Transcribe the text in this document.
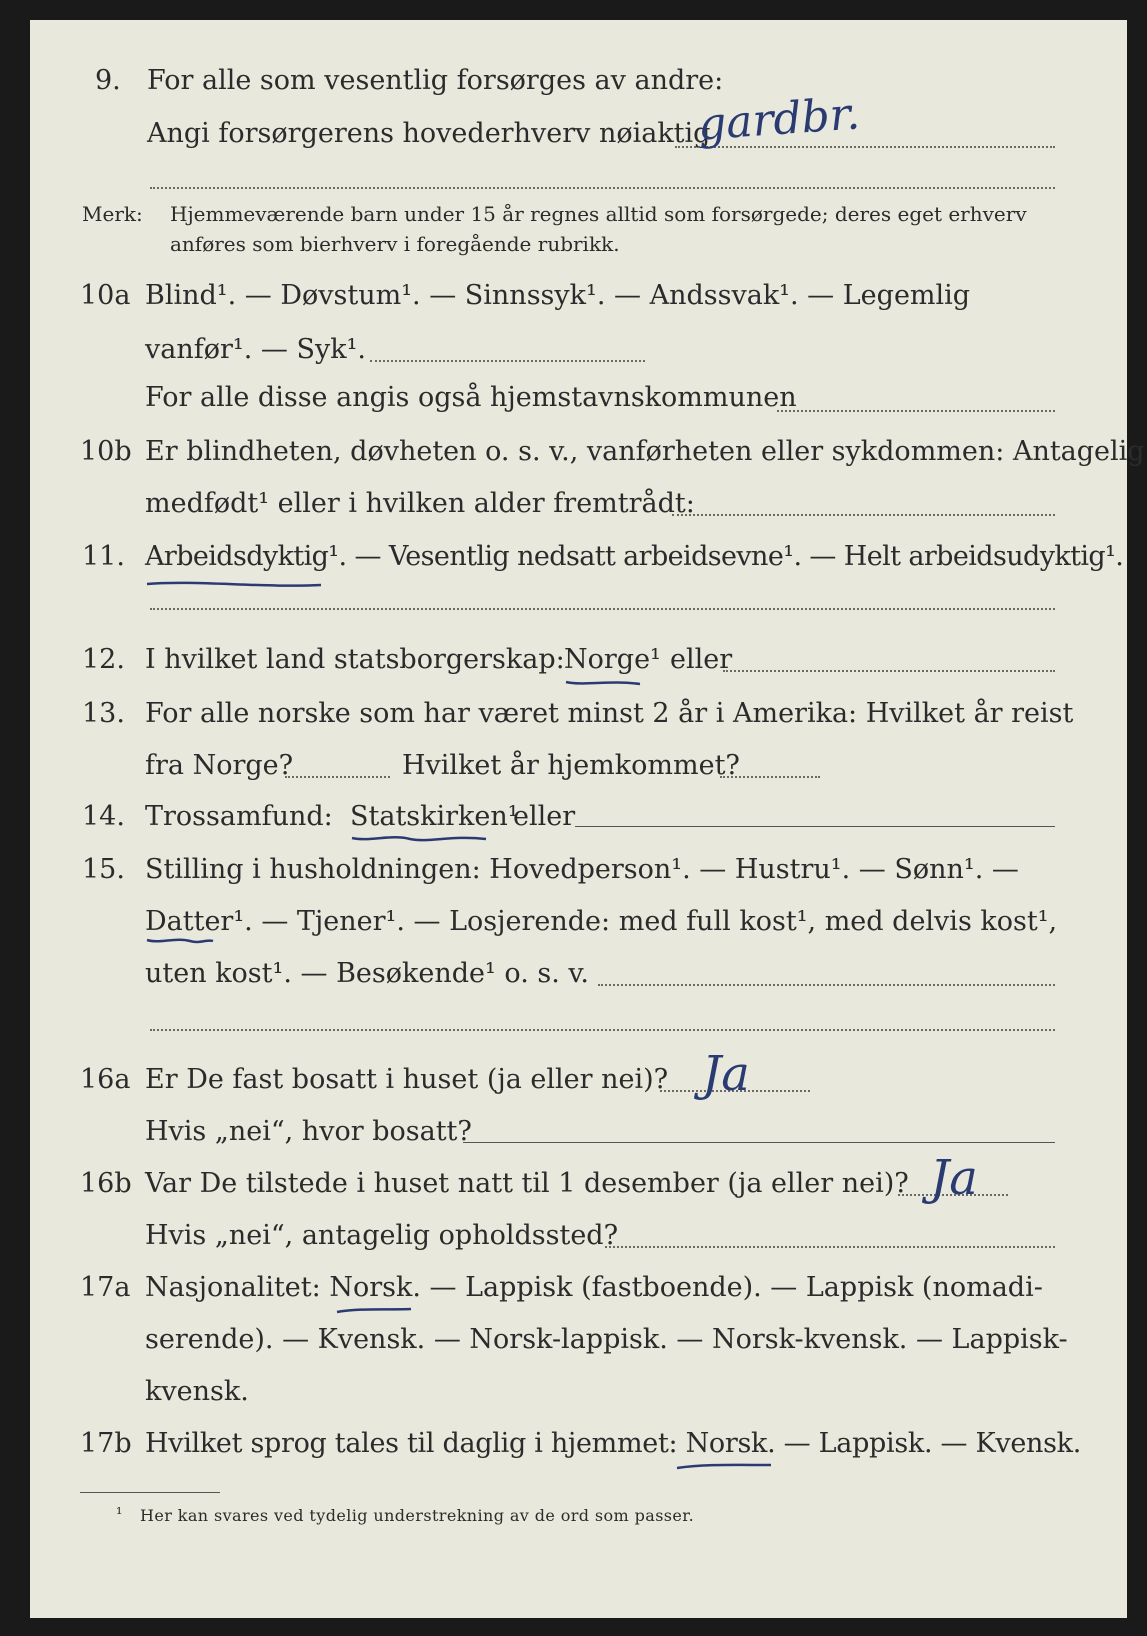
9. For alle som vesentlig forsørges av andre:
Angi forsørgerens hovederhverv nøiaktig
gardbr.
Merk: Hjemmeværende barn under 15 år regnes alltid som forsørgede; deres eget erhverv
anføres som bierhverv i foregående rubrikk.
10a Blind¹. — Døvstum¹. — Sinnssyk¹. — Andssvak¹. — Legemlig
vanfør¹. — Syk¹.
For alle disse angis også hjemstavnskommunen
10b Er blindheten, døvheten o. s. v., vanførheten eller sykdommen: Antagelig
medfødt¹ eller i hvilken alder fremtrådt:
11. Arbeidsdyktig¹. — Vesentlig nedsatt arbeidsevne¹. — Helt arbeidsudyktig¹.
12. I hvilket land statsborgerskap: Norge¹ eller
13. For alle norske som har været minst 2 år i Amerika: Hvilket år reist
fra Norge?	Hvilket år hjemkommet?
14. Trossamfund: Statskirken¹
eller
15. Stilling i husholdningen: Hovedperson¹. — Hustru¹. — Sønn¹. —
Datter¹. — Tjener¹. — Losjerende: med full kost¹, med delvis kost¹,
uten kost¹. — Besøkende¹ o. s. v.
16a Er De fast bosatt i huset (ja eller nei)? Ja
Hvis „nei“, hvor bosatt?
16b Var De tilstede i huset natt til 1 desember (ja eller nei)? Ja
Hvis „nei“, antagelig opholdssted?
17a Nasjonalitet: Norsk. — Lappisk (fastboende). — Lappisk (nomadi-
serende). — Kvensk. — Norsk-lappisk. — Norsk-kvensk. — Lappisk-
kvensk.
17b Hvilket sprog tales til daglig i hjemmet: Norsk. — Lappisk. — Kvensk.
¹ Her kan svares ved tydelig understrekning av de ord som passer.
